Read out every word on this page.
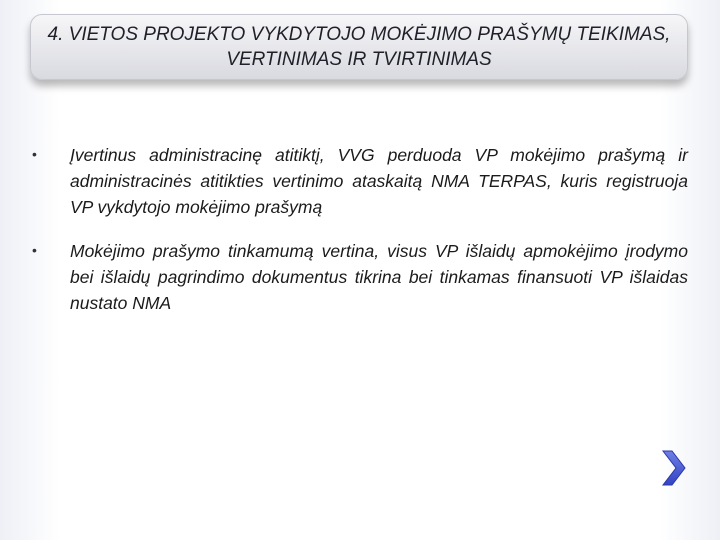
4. VIETOS PROJEKTO VYKDYTOJO MOKĖJIMO PRAŠYMŲ TEIKIMAS,
VERTINIMAS IR TVIRTINIMAS
•	Įvertinus administracinę atitiktį, VVG perduoda VP mokėjimo prašymą ir administracinės atitikties vertinimo ataskaitą NMA TERPAS, kuris registruoja VP vykdytojo mokėjimo prašymą
•	Mokėjimo prašymo tinkamumą vertina, visus VP išlaidų apmokėjimo įrodymo bei išlaidų pagrindimo dokumentus tikrina bei tinkamas finansuoti VP išlaidas nustato NMA
